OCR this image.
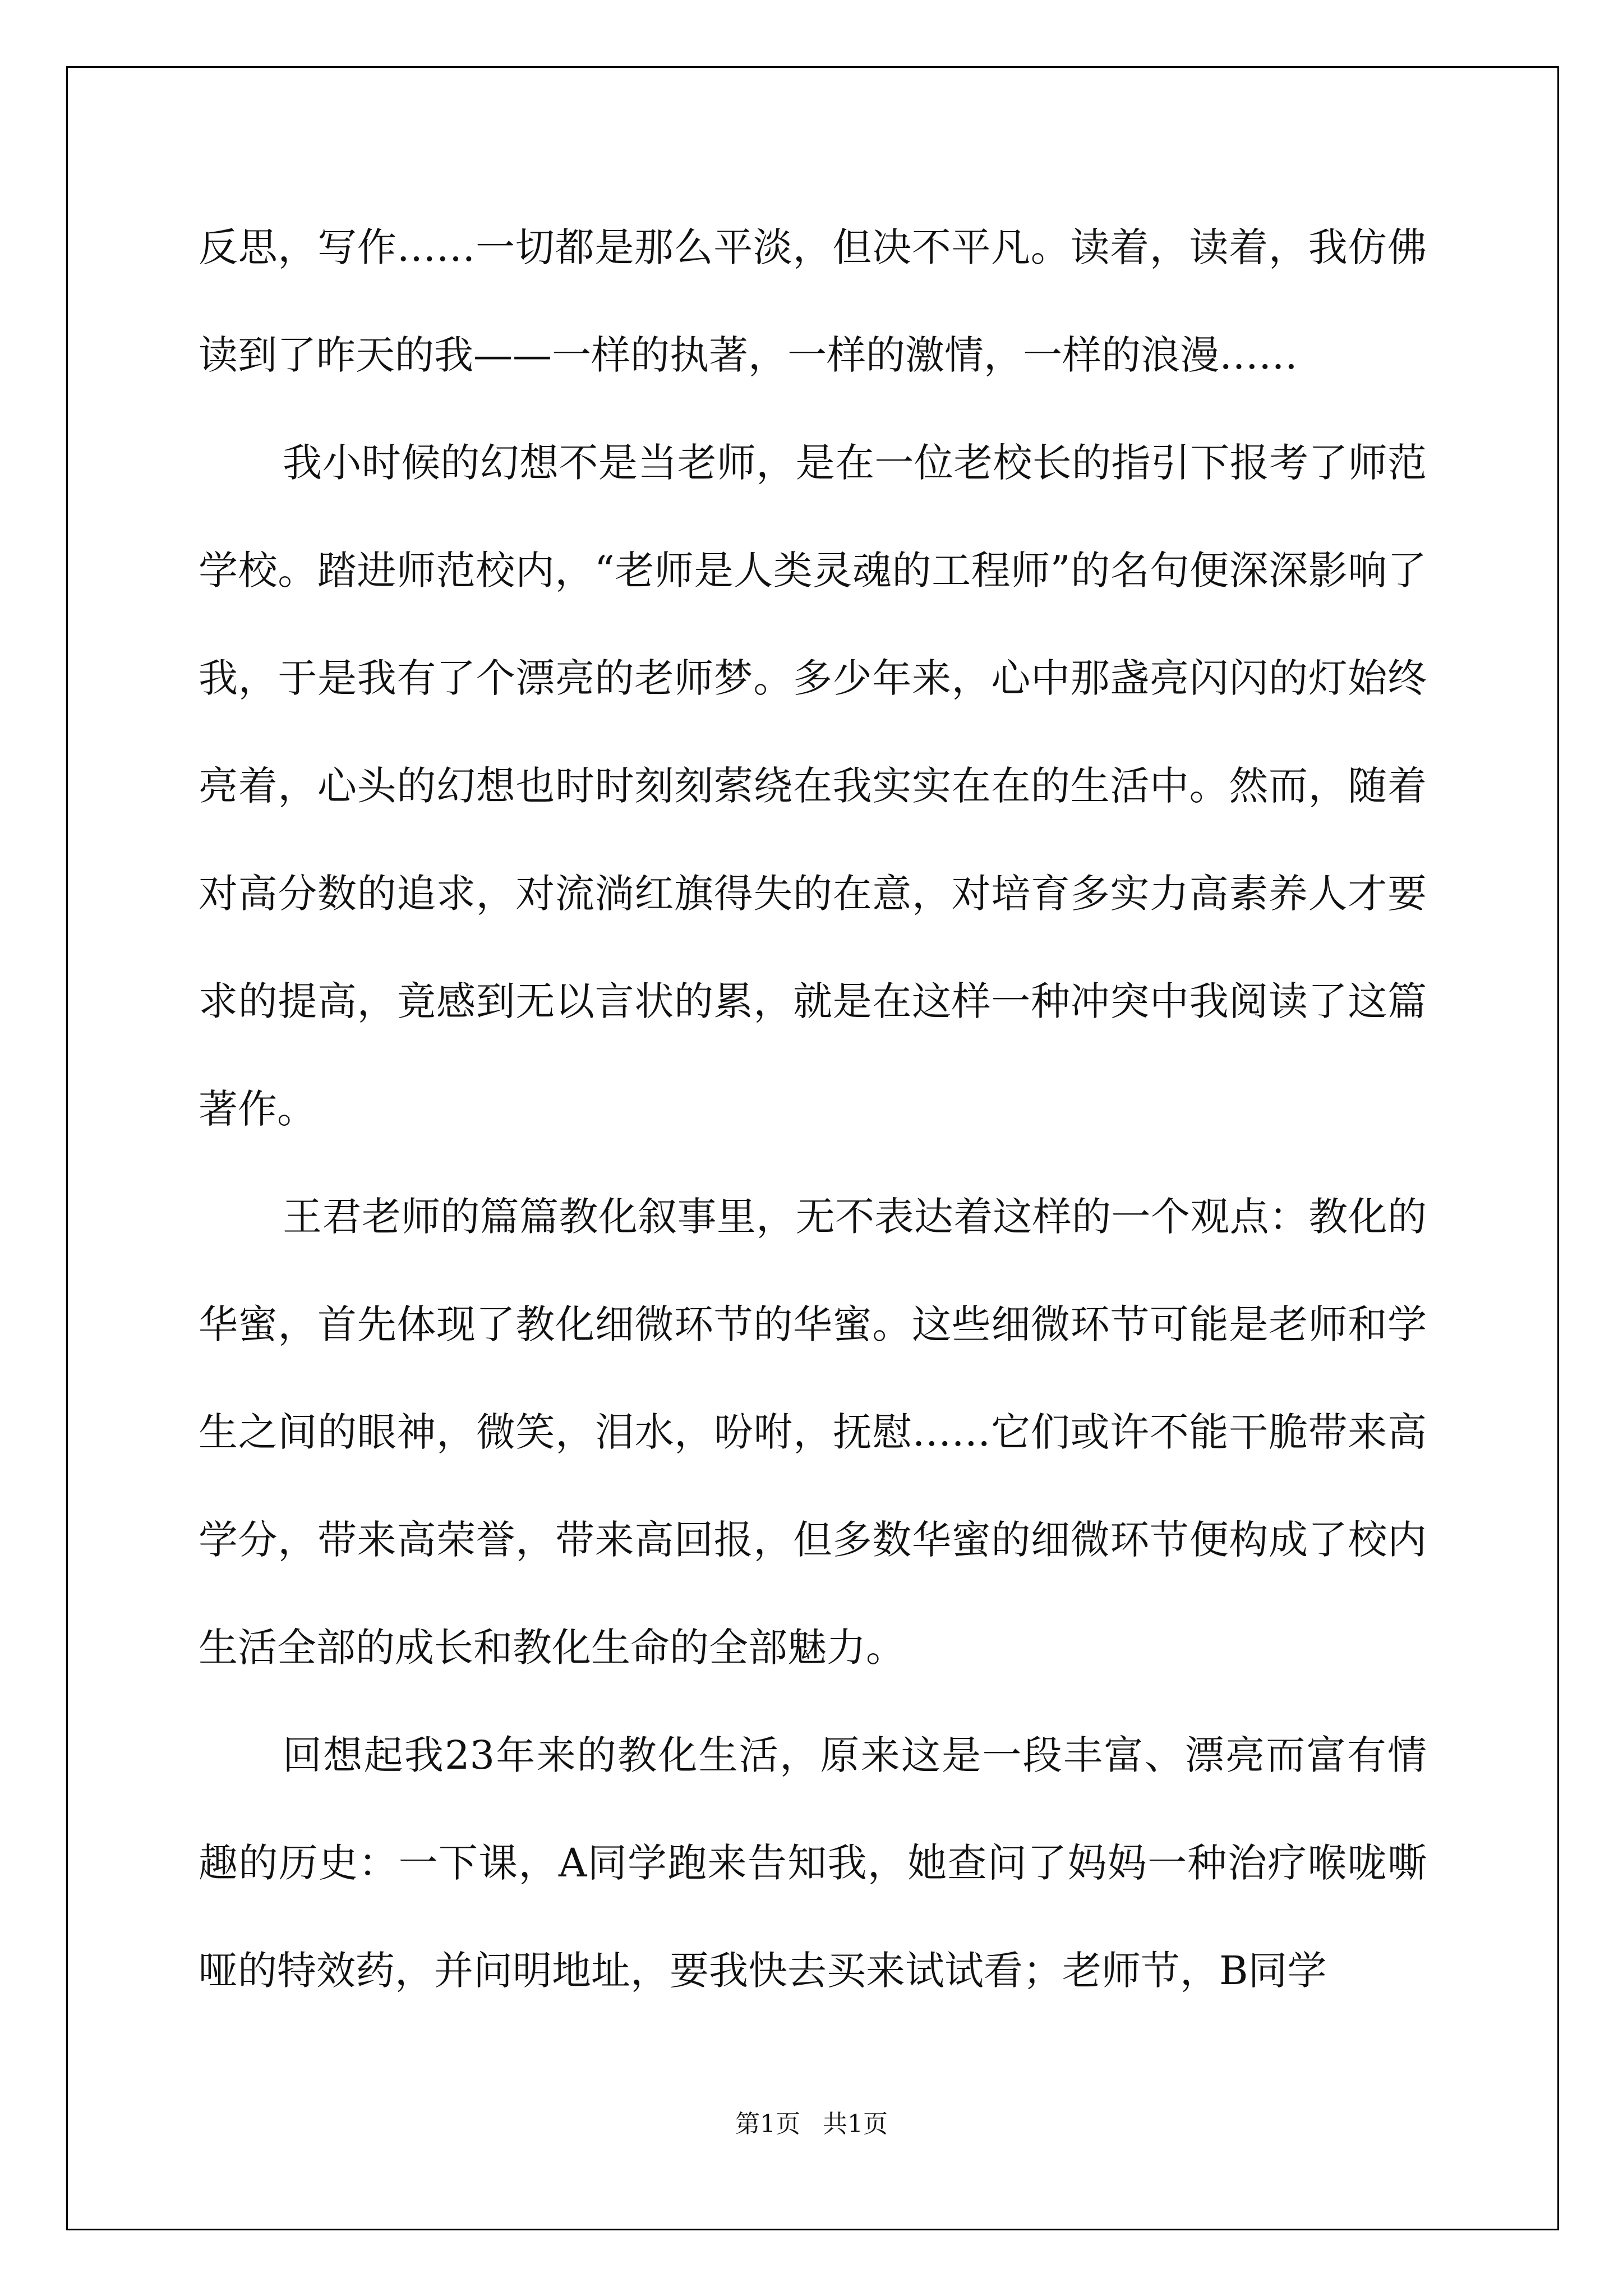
反思，写作……一切都是那么平淡，但决不平凡。读着，读着，我仿佛读到了昨天的我——一样的执著，一样的激情，一样的浪漫……

我小时候的幻想不是当老师，是在一位老校长的指引下报考了师范学校。踏进师范校内，“老师是人类灵魂的工程师”的名句便深深影响了我，于是我有了个漂亮的老师梦。多少年来，心中那盏亮闪闪的灯始终亮着，心头的幻想也时时刻刻萦绕在我实实在在的生活中。然而，随着对高分数的追求，对流淌红旗得失的在意，对培育多实力高素养人才要求的提高，竟感到无以言状的累，就是在这样一种冲突中我阅读了这篇著作。

王君老师的篇篇教化叙事里，无不表达着这样的一个观点：教化的华蜜，首先体现了教化细微环节的华蜜。这些细微环节可能是老师和学生之间的眼神，微笑，泪水，吩咐，抚慰……它们或许不能干脆带来高学分，带来高荣誉，带来高回报，但多数华蜜的细微环节便构成了校内生活全部的成长和教化生命的全部魅力。

回想起我23年来的教化生活，原来这是一段丰富、漂亮而富有情趣的历史：一下课，A同学跑来告知我，她查问了妈妈一种治疗喉咙嘶哑的特效药，并问明地址，要我快去买来试试看；老师节，B同学

第1页 共1页
